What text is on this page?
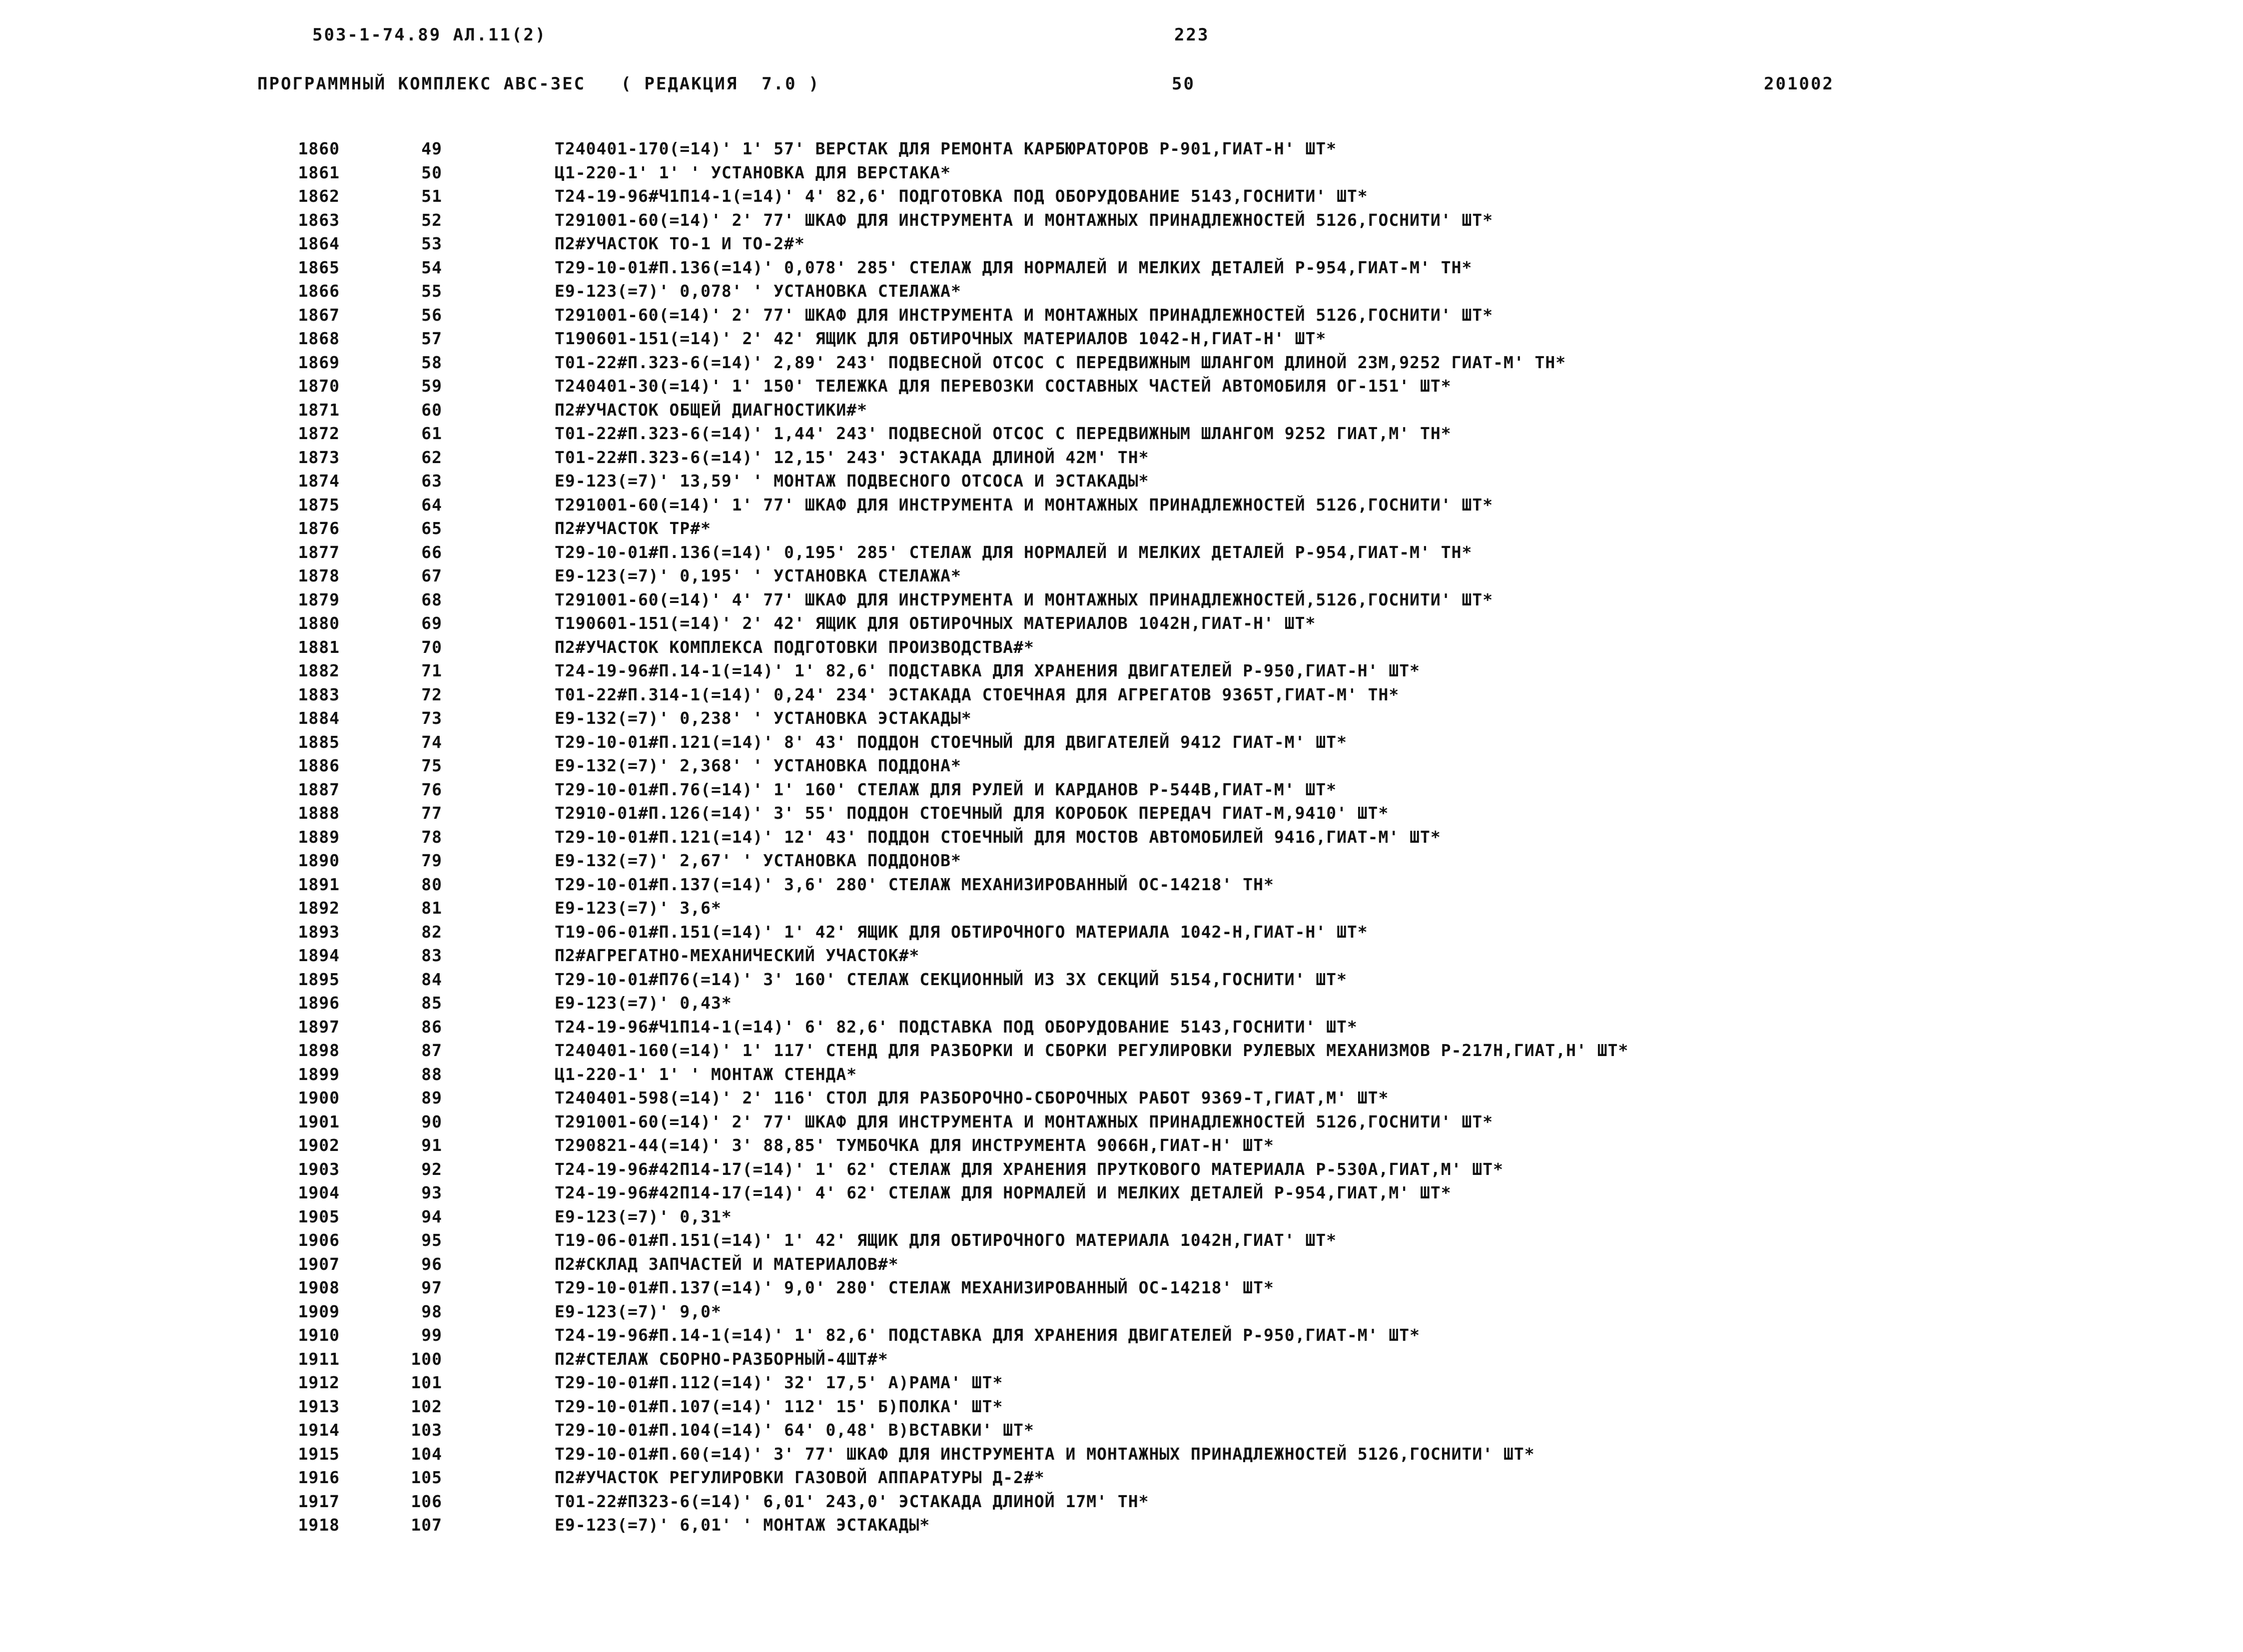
503-1-74.89 АЛ.11(2)	223
ПРОГРАММНЫЙ КОМПЛЕКС АВС-ЗЕС   ( РЕДАКЦИЯ  7.0 )	50	201002
1860	49	Т240401-170(=14)' 1' 57' ВЕРСТАК ДЛЯ РЕМОНТА КАРБЮРАТОРОВ Р-901,ГИАТ-Н' ШТ*
1861	50	Ц1-220-1' 1' ' УСТАНОВКА ДЛЯ ВЕРСТАКА*
1862	51	Т24-19-96#Ч1П14-1(=14)' 4' 82,6' ПОДГОТОВКА ПОД ОБОРУДОВАНИЕ 5143,ГОСНИТИ' ШТ*
1863	52	Т291001-60(=14)' 2' 77' ШКАФ ДЛЯ ИНСТРУМЕНТА И МОНТАЖНЫХ ПРИНАДЛЕЖНОСТЕЙ 5126,ГОСНИТИ' ШТ*
1864	53	П2#УЧАСТОК ТО-1 И ТО-2#*
1865	54	Т29-10-01#П.136(=14)' 0,078' 285' СТЕЛАЖ ДЛЯ НОРМАЛЕЙ И МЕЛКИХ ДЕТАЛЕЙ Р-954,ГИАТ-М' ТН*
1866	55	Е9-123(=7)' 0,078' ' УСТАНОВКА СТЕЛАЖА*
1867	56	Т291001-60(=14)' 2' 77' ШКАФ ДЛЯ ИНСТРУМЕНТА И МОНТАЖНЫХ ПРИНАДЛЕЖНОСТЕЙ 5126,ГОСНИТИ' ШТ*
1868	57	Т190601-151(=14)' 2' 42' ЯЩИК ДЛЯ ОБТИРОЧНЫХ МАТЕРИАЛОВ 1042-Н,ГИАТ-Н' ШТ*
1869	58	Т01-22#П.323-6(=14)' 2,89' 243' ПОДВЕСНОЙ ОТСОС С ПЕРЕДВИЖНЫМ ШЛАНГОМ ДЛИНОЙ 23М,9252 ГИАТ-М' ТН*
1870	59	Т240401-30(=14)' 1' 150' ТЕЛЕЖКА ДЛЯ ПЕРЕВОЗКИ СОСТАВНЫХ ЧАСТЕЙ АВТОМОБИЛЯ ОГ-151' ШТ*
1871	60	П2#УЧАСТОК ОБЩЕЙ ДИАГНОСТИКИ#*
1872	61	Т01-22#П.323-6(=14)' 1,44' 243' ПОДВЕСНОЙ ОТСОС С ПЕРЕДВИЖНЫМ ШЛАНГОМ 9252 ГИАТ,М' ТН*
1873	62	Т01-22#П.323-6(=14)' 12,15' 243' ЭСТАКАДА ДЛИНОЙ 42М' ТН*
1874	63	Е9-123(=7)' 13,59' ' МОНТАЖ ПОДВЕСНОГО ОТСОСА И ЭСТАКАДЫ*
1875	64	Т291001-60(=14)' 1' 77' ШКАФ ДЛЯ ИНСТРУМЕНТА И МОНТАЖНЫХ ПРИНАДЛЕЖНОСТЕЙ 5126,ГОСНИТИ' ШТ*
1876	65	П2#УЧАСТОК ТР#*
1877	66	Т29-10-01#П.136(=14)' 0,195' 285' СТЕЛАЖ ДЛЯ НОРМАЛЕЙ И МЕЛКИХ ДЕТАЛЕЙ Р-954,ГИАТ-М' ТН*
1878	67	Е9-123(=7)' 0,195' ' УСТАНОВКА СТЕЛАЖА*
1879	68	Т291001-60(=14)' 4' 77' ШКАФ ДЛЯ ИНСТРУМЕНТА И МОНТАЖНЫХ ПРИНАДЛЕЖНОСТЕЙ,5126,ГОСНИТИ' ШТ*
1880	69	Т190601-151(=14)' 2' 42' ЯЩИК ДЛЯ ОБТИРОЧНЫХ МАТЕРИАЛОВ 1042Н,ГИАТ-Н' ШТ*
1881	70	П2#УЧАСТОК КОМПЛЕКСА ПОДГОТОВКИ ПРОИЗВОДСТВА#*
1882	71	Т24-19-96#П.14-1(=14)' 1' 82,6' ПОДСТАВКА ДЛЯ ХРАНЕНИЯ ДВИГАТЕЛЕЙ Р-950,ГИАТ-Н' ШТ*
1883	72	Т01-22#П.314-1(=14)' 0,24' 234' ЭСТАКАДА СТОЕЧНАЯ ДЛЯ АГРЕГАТОВ 9365Т,ГИАТ-М' ТН*
1884	73	Е9-132(=7)' 0,238' ' УСТАНОВКА ЭСТАКАДЫ*
1885	74	Т29-10-01#П.121(=14)' 8' 43' ПОДДОН СТОЕЧНЫЙ ДЛЯ ДВИГАТЕЛЕЙ 9412 ГИАТ-М' ШТ*
1886	75	Е9-132(=7)' 2,368' ' УСТАНОВКА ПОДДОНА*
1887	76	Т29-10-01#П.76(=14)' 1' 160' СТЕЛАЖ ДЛЯ РУЛЕЙ И КАРДАНОВ Р-544В,ГИАТ-М' ШТ*
1888	77	Т2910-01#П.126(=14)' 3' 55' ПОДДОН СТОЕЧНЫЙ ДЛЯ КОРОБОК ПЕРЕДАЧ ГИАТ-М,9410' ШТ*
1889	78	Т29-10-01#П.121(=14)' 12' 43' ПОДДОН СТОЕЧНЫЙ ДЛЯ МОСТОВ АВТОМОБИЛЕЙ 9416,ГИАТ-М' ШТ*
1890	79	Е9-132(=7)' 2,67' ' УСТАНОВКА ПОДДОНОВ*
1891	80	Т29-10-01#П.137(=14)' 3,6' 280' СТЕЛАЖ МЕХАНИЗИРОВАННЫЙ ОС-14218' ТН*
1892	81	Е9-123(=7)' 3,6*
1893	82	Т19-06-01#П.151(=14)' 1' 42' ЯЩИК ДЛЯ ОБТИРОЧНОГО МАТЕРИАЛА 1042-Н,ГИАТ-Н' ШТ*
1894	83	П2#АГРЕГАТНО-МЕХАНИЧЕСКИЙ УЧАСТОК#*
1895	84	Т29-10-01#П76(=14)' 3' 160' СТЕЛАЖ СЕКЦИОННЫЙ ИЗ 3Х СЕКЦИЙ 5154,ГОСНИТИ' ШТ*
1896	85	Е9-123(=7)' 0,43*
1897	86	Т24-19-96#Ч1П14-1(=14)' 6' 82,6' ПОДСТАВКА ПОД ОБОРУДОВАНИЕ 5143,ГОСНИТИ' ШТ*
1898	87	Т240401-160(=14)' 1' 117' СТЕНД ДЛЯ РАЗБОРКИ И СБОРКИ РЕГУЛИРОВКИ РУЛЕВЫХ МЕХАНИЗМОВ Р-217Н,ГИАТ,Н' ШТ*
1899	88	Ц1-220-1' 1' ' МОНТАЖ СТЕНДА*
1900	89	Т240401-598(=14)' 2' 116' СТОЛ ДЛЯ РАЗБОРОЧНО-СБОРОЧНЫХ РАБОТ 9369-Т,ГИАТ,М' ШТ*
1901	90	Т291001-60(=14)' 2' 77' ШКАФ ДЛЯ ИНСТРУМЕНТА И МОНТАЖНЫХ ПРИНАДЛЕЖНОСТЕЙ 5126,ГОСНИТИ' ШТ*
1902	91	Т290821-44(=14)' 3' 88,85' ТУМБОЧКА ДЛЯ ИНСТРУМЕНТА 9066Н,ГИАТ-Н' ШТ*
1903	92	Т24-19-96#42П14-17(=14)' 1' 62' СТЕЛАЖ ДЛЯ ХРАНЕНИЯ ПРУТКОВОГО МАТЕРИАЛА Р-530А,ГИАТ,М' ШТ*
1904	93	Т24-19-96#42П14-17(=14)' 4' 62' СТЕЛАЖ ДЛЯ НОРМАЛЕЙ И МЕЛКИХ ДЕТАЛЕЙ Р-954,ГИАТ,М' ШТ*
1905	94	Е9-123(=7)' 0,31*
1906	95	Т19-06-01#П.151(=14)' 1' 42' ЯЩИК ДЛЯ ОБТИРОЧНОГО МАТЕРИАЛА 1042Н,ГИАТ' ШТ*
1907	96	П2#СКЛАД ЗАПЧАСТЕЙ И МАТЕРИАЛОВ#*
1908	97	Т29-10-01#П.137(=14)' 9,0' 280' СТЕЛАЖ МЕХАНИЗИРОВАННЫЙ ОС-14218' ШТ*
1909	98	Е9-123(=7)' 9,0*
1910	99	Т24-19-96#П.14-1(=14)' 1' 82,6' ПОДСТАВКА ДЛЯ ХРАНЕНИЯ ДВИГАТЕЛЕЙ Р-950,ГИАТ-М' ШТ*
1911	100	П2#СТЕЛАЖ СБОРНО-РАЗБОРНЫЙ-4ШТ#*
1912	101	Т29-10-01#П.112(=14)' 32' 17,5' А)РАМА' ШТ*
1913	102	Т29-10-01#П.107(=14)' 112' 15' Б)ПОЛКА' ШТ*
1914	103	Т29-10-01#П.104(=14)' 64' 0,48' В)ВСТАВКИ' ШТ*
1915	104	Т29-10-01#П.60(=14)' 3' 77' ШКАФ ДЛЯ ИНСТРУМЕНТА И МОНТАЖНЫХ ПРИНАДЛЕЖНОСТЕЙ 5126,ГОСНИТИ' ШТ*
1916	105	П2#УЧАСТОК РЕГУЛИРОВКИ ГАЗОВОЙ АППАРАТУРЫ Д-2#*
1917	106	Т01-22#П323-6(=14)' 6,01' 243,0' ЭСТАКАДА ДЛИНОЙ 17М' ТН*
1918	107	Е9-123(=7)' 6,01' ' МОНТАЖ ЭСТАКАДЫ*
